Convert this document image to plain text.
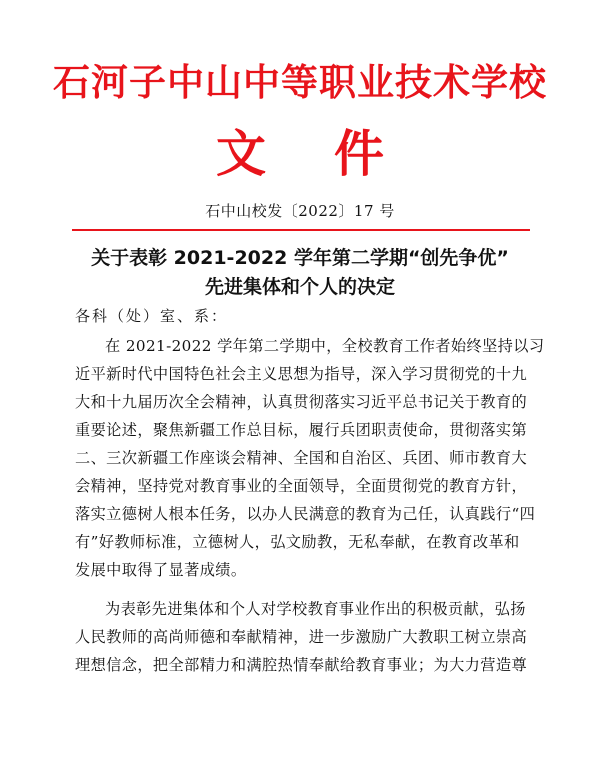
石河子中山中等职业技术学校
文件
石中山校发〔2022〕17 号
关于表彰 2021-2022 学年第二学期“创先争优”
先进集体和个人的决定
各科（处）室、系：
在 2021-2022 学年第二学期中，全校教育工作者始终坚持以习
近平新时代中国特色社会主义思想为指导，深入学习贯彻党的十九
大和十九届历次全会精神，认真贯彻落实习近平总书记关于教育的
重要论述，聚焦新疆工作总目标，履行兵团职责使命，贯彻落实第
二、三次新疆工作座谈会精神、全国和自治区、兵团、师市教育大
会精神，坚持党对教育事业的全面领导，全面贯彻党的教育方针，
落实立德树人根本任务，以办人民满意的教育为己任，认真践行“四
有”好教师标准，立德树人，弘文励教，无私奉献，在教育改革和
发展中取得了显著成绩。
为表彰先进集体和个人对学校教育事业作出的积极贡献，弘扬
人民教师的高尚师德和奉献精神，进一步激励广大教职工树立崇高
理想信念，把全部精力和满腔热情奉献给教育事业；为大力营造尊
